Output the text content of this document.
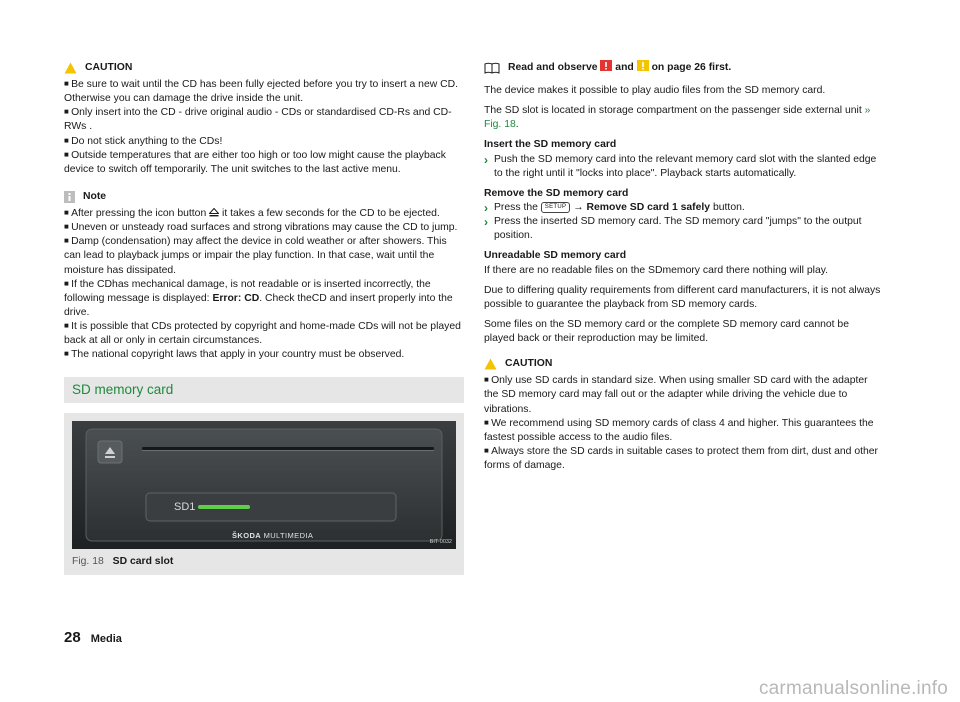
CAUTION

■ Be sure to wait until the CD has been fully ejected before you try to insert a new CD. Otherwise you can damage the drive inside the unit.

■ Only insert into the CD - drive original audio - CDs or standardised CD-Rs and CD-RWs .

■ Do not stick anything to the CDs!

■ Outside temperatures that are either too high or too low might cause the playback device to switch off temporarily. The unit switches to the last active menu.

Note

■ After pressing the icon button it takes a few seconds for the CD to be ejected.

■ Uneven or unsteady road surfaces and strong vibrations may cause the CD to jump.

■ Damp (condensation) may affect the device in cold weather or after showers. This can lead to playback jumps or impair the play function. In that case, wait until the moisture has dissipated.

■ If the CDhas mechanical damage, is not readable or is inserted incorrectly, the following message is displayed: Error: CD. Check theCD and insert properly into the drive.

■ It is possible that CDs protected by copyright and home-made CDs will not be played back at all or only in certain circumstances.

■ The national copyright laws that apply in your country must be observed.

SD memory card
SD1
ŠKODA MULTIMEDIA
BIT-0032
Fig. 18 SD card slot
Read and observe and on page 26 first.

The device makes it possible to play audio files from the SD memory card.

The SD slot is located in storage compartment on the passenger side external unit » Fig. 18.

Insert the SD memory card

› Push the SD memory card into the relevant memory card slot with the slanted edge to the right until it "locks into place". Playback starts automatically.

Remove the SD memory card

› Press the SETUP → Remove SD card 1 safely button.

› Press the inserted SD memory card. The SD memory card "jumps" to the output position.

Unreadable SD memory card

If there are no readable files on the SDmemory card there nothing will play.

Due to differing quality requirements from different card manufacturers, it is not always possible to guarantee the playback from SD memory cards.

Some files on the SD memory card or the complete SD memory card cannot be played back or their reproduction may be limited.

CAUTION

■ Only use SD cards in standard size. When using smaller SD card with the adapter the SD memory card may fall out or the adapter while driving the vehicle due to vibrations.

■ We recommend using SD memory cards of class 4 and higher. This guarantees the fastest possible access to the audio files.

■ Always store the SD cards in suitable cases to protect them from dirt, dust and other forms of damage.

28 Media
carmanualsonline.info
